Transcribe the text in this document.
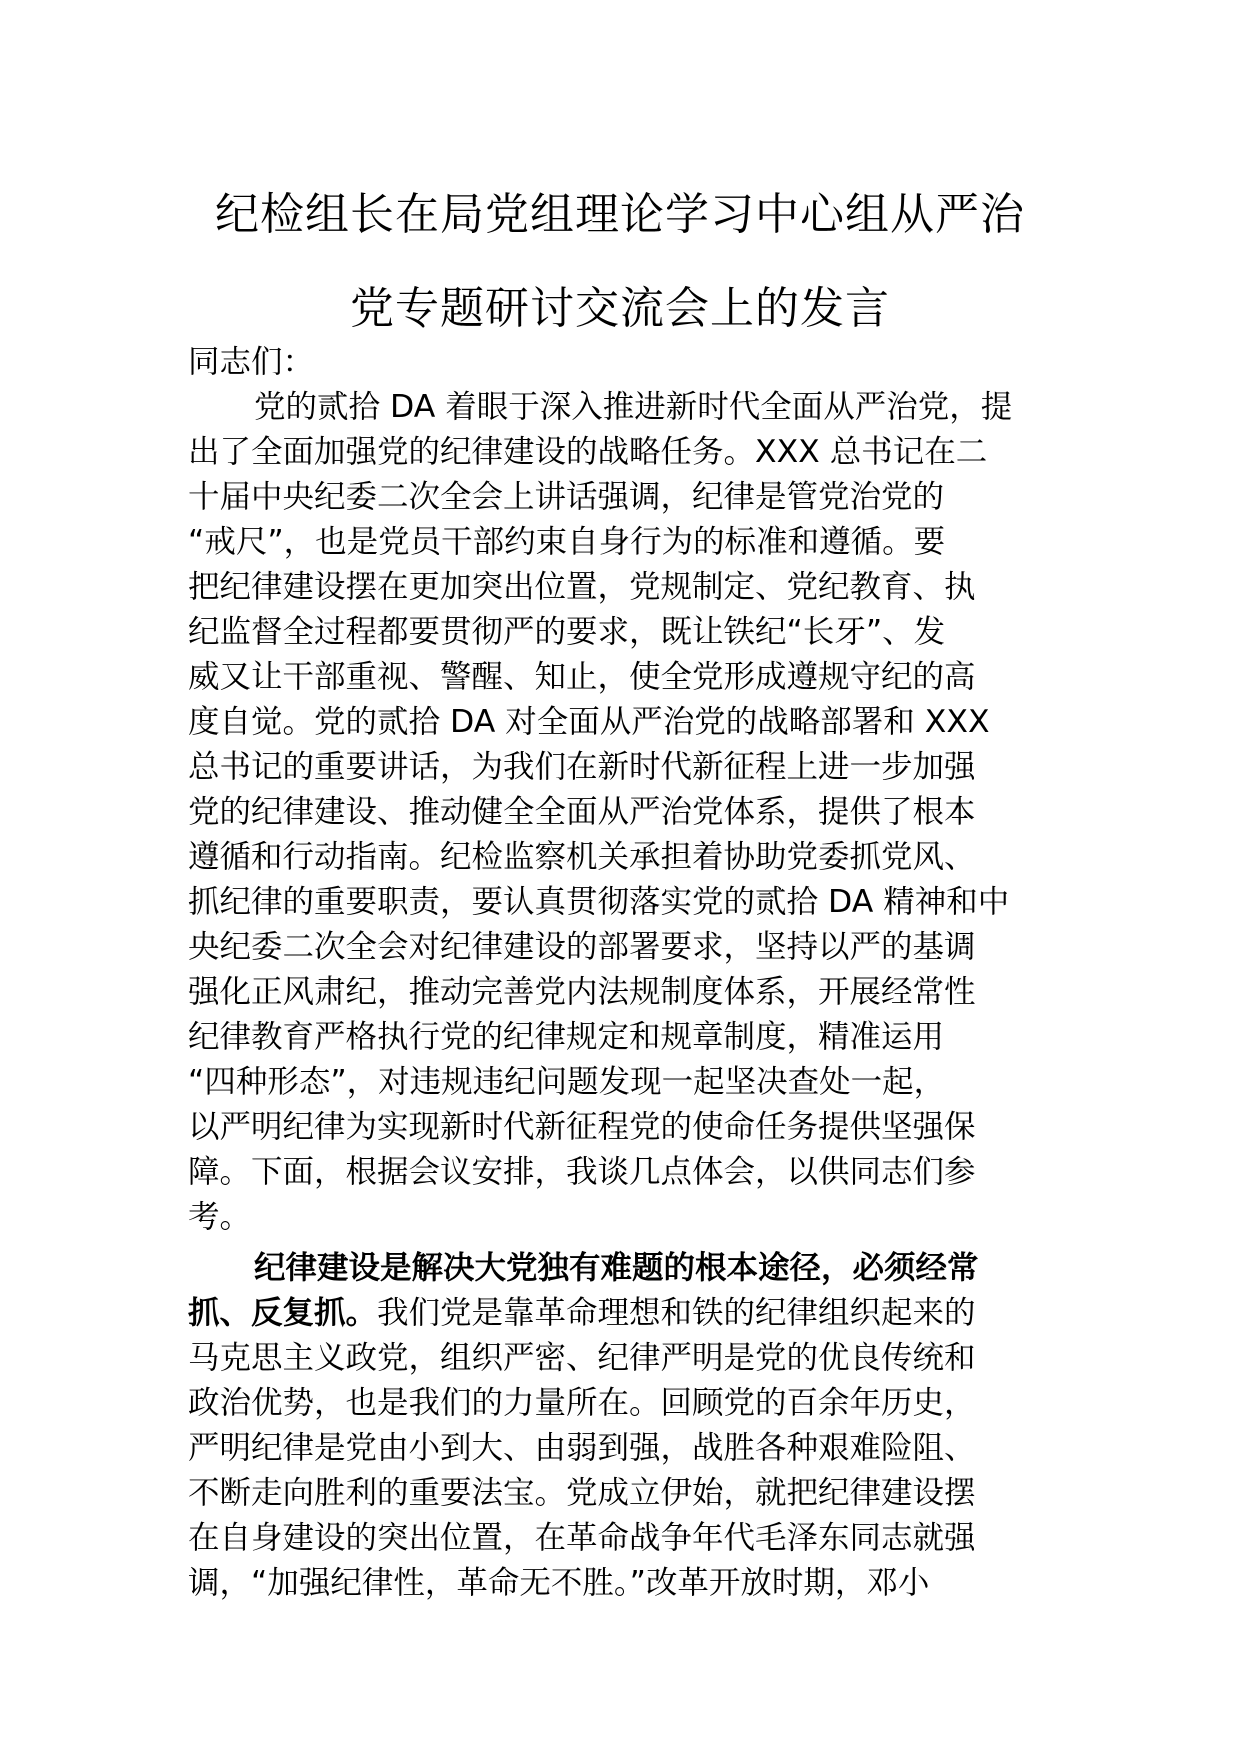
纪检组长在局党组理论学习中心组从严治
党专题研讨交流会上的发言
同志们：
党的贰拾 DA 着眼于深入推进新时代全面从严治党，提
出了全面加强党的纪律建设的战略任务。XXX 总书记在二
十届中央纪委二次全会上讲话强调，纪律是管党治党的
“戒尺”，也是党员干部约束自身行为的标准和遵循。要
把纪律建设摆在更加突出位置，党规制定、党纪教育、执
纪监督全过程都要贯彻严的要求，既让铁纪“长牙”、发
威又让干部重视、警醒、知止，使全党形成遵规守纪的高
度自觉。党的贰拾 DA 对全面从严治党的战略部署和 XXX
总书记的重要讲话，为我们在新时代新征程上进一步加强
党的纪律建设、推动健全全面从严治党体系，提供了根本
遵循和行动指南。纪检监察机关承担着协助党委抓党风、
抓纪律的重要职责，要认真贯彻落实党的贰拾 DA 精神和中
央纪委二次全会对纪律建设的部署要求，坚持以严的基调
强化正风肃纪，推动完善党内法规制度体系，开展经常性
纪律教育严格执行党的纪律规定和规章制度，精准运用
“四种形态”，对违规违纪问题发现一起坚决查处一起，
以严明纪律为实现新时代新征程党的使命任务提供坚强保
障。下面，根据会议安排，我谈几点体会，以供同志们参
考。
纪律建设是解决大党独有难题的根本途径，必须经常
抓、反复抓。我们党是靠革命理想和铁的纪律组织起来的
马克思主义政党，组织严密、纪律严明是党的优良传统和
政治优势，也是我们的力量所在。回顾党的百余年历史，
严明纪律是党由小到大、由弱到强，战胜各种艰难险阻、
不断走向胜利的重要法宝。党成立伊始，就把纪律建设摆
在自身建设的突出位置，在革命战争年代毛泽东同志就强
调，“加强纪律性，革命无不胜。”改革开放时期，邓小
